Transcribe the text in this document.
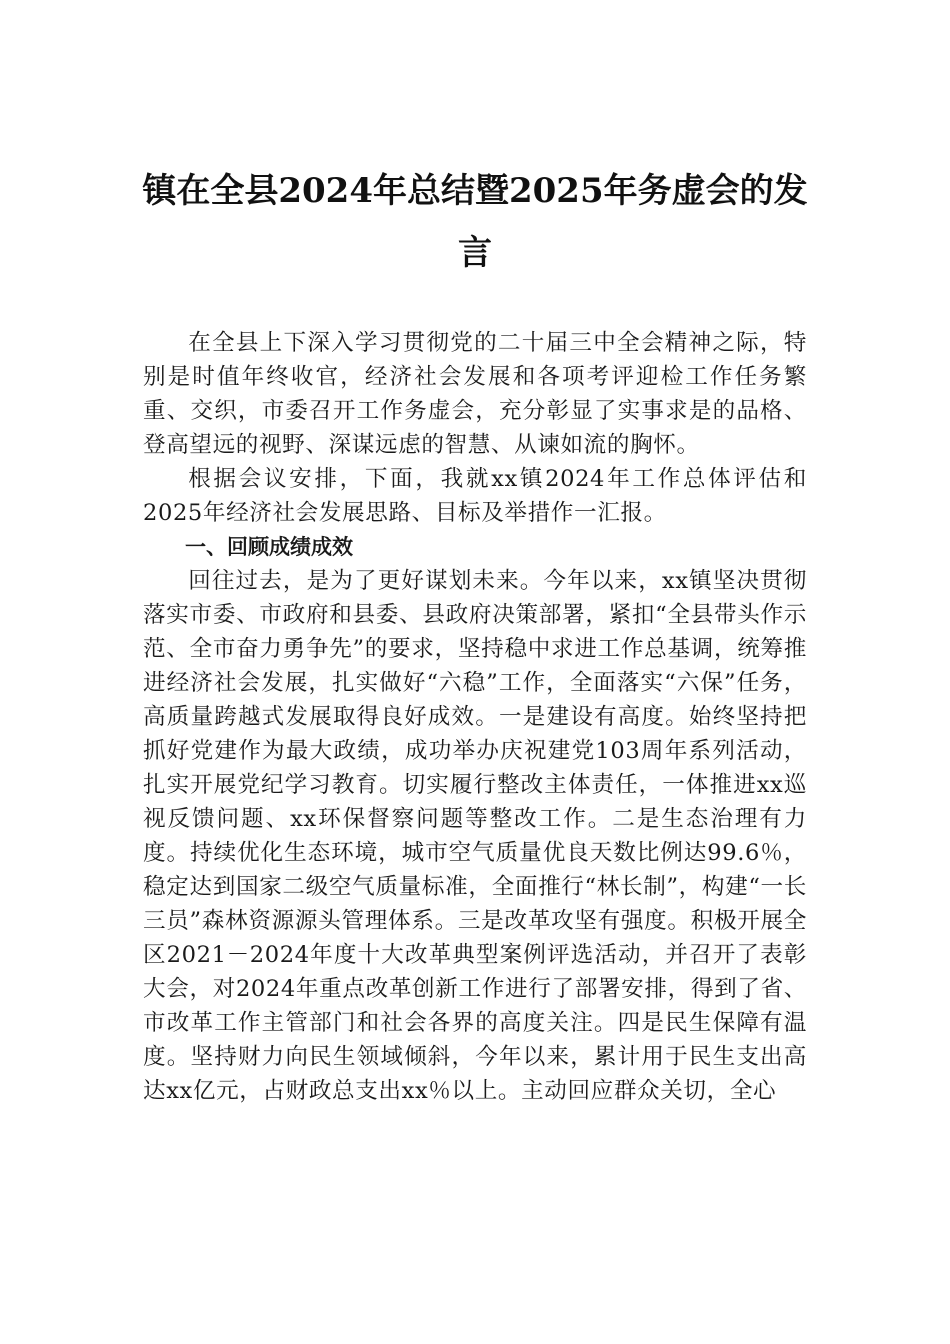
镇在全县2024年总结暨2025年务虚会的发言

在全县上下深入学习贯彻党的二十届三中全会精神之际，特别是时值年终收官，经济社会发展和各项考评迎检工作任务繁重、交织，市委召开工作务虚会，充分彰显了实事求是的品格、登高望远的视野、深谋远虑的智慧、从谏如流的胸怀。

根据会议安排，下面，我就xx镇2024年工作总体评估和2025年经济社会发展思路、目标及举措作一汇报。

一、回顾成绩成效

回往过去，是为了更好谋划未来。今年以来，xx镇坚决贯彻落实市委、市政府和县委、县政府决策部署，紧扣“全县带头作示范、全市奋力勇争先”的要求，坚持稳中求进工作总基调，统筹推进经济社会发展，扎实做好“六稳”工作，全面落实“六保”任务，高质量跨越式发展取得良好成效。一是建设有高度。始终坚持把抓好党建作为最大政绩，成功举办庆祝建党103周年系列活动，扎实开展党纪学习教育。切实履行整改主体责任，一体推进xx巡视反馈问题、xx环保督察问题等整改工作。二是生态治理有力度。持续优化生态环境，城市空气质量优良天数比例达99.6％，稳定达到国家二级空气质量标准，全面推行“林长制”，构建“一长三员”森林资源源头管理体系。三是改革攻坚有强度。积极开展全区2021－2024年度十大改革典型案例评选活动，并召开了表彰大会，对2024年重点改革创新工作进行了部署安排，得到了省、市改革工作主管部门和社会各界的高度关注。四是民生保障有温度。坚持财力向民生领域倾斜，今年以来，累计用于民生支出高达xx亿元，占财政总支出xx％以上。主动回应群众关切，全心
